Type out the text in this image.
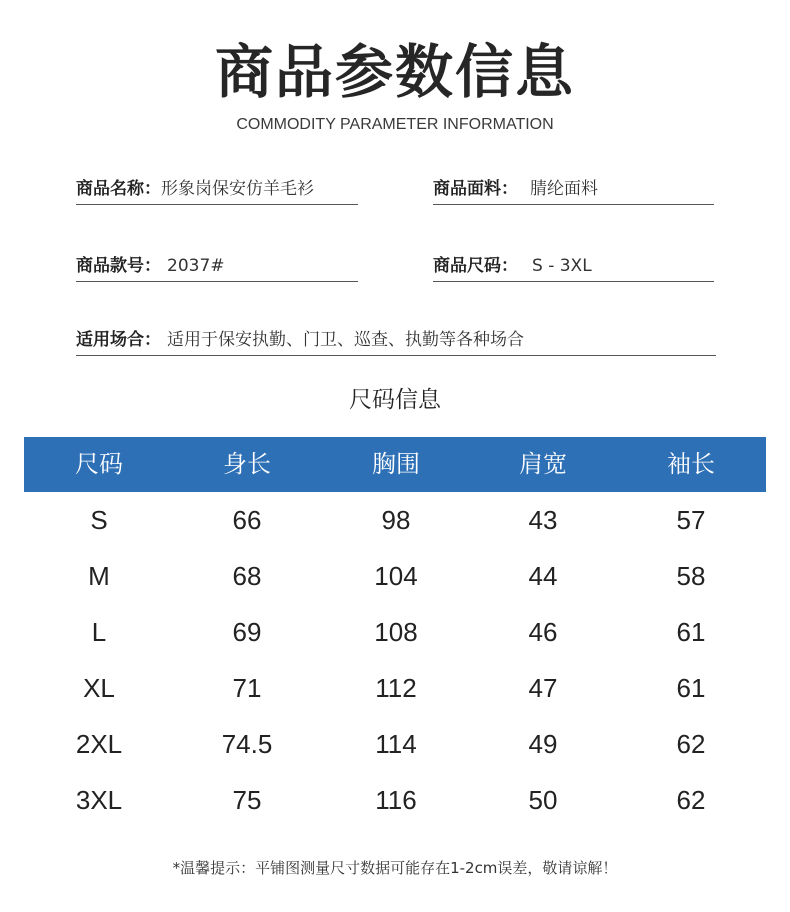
商品参数信息
COMMODITY PARAMETER INFORMATION
商品名称：形象岗保安仿羊毛衫	商品面料： 腈纶面料
商品款号： 2037#	商品尺码： S - 3XL
适用场合： 适用于保安执勤、门卫、巡查、执勤等各种场合
尺码信息
尺码	身长	胸围	肩宽	袖长
S	66	98	43	57
M	68	104	44	58
L	69	108	46	61
XL	71	112	47	61
2XL	74.5	114	49	62
3XL	75	116	50	62
*温馨提示：平铺图测量尺寸数据可能存在1-2cm误差，敬请谅解！
